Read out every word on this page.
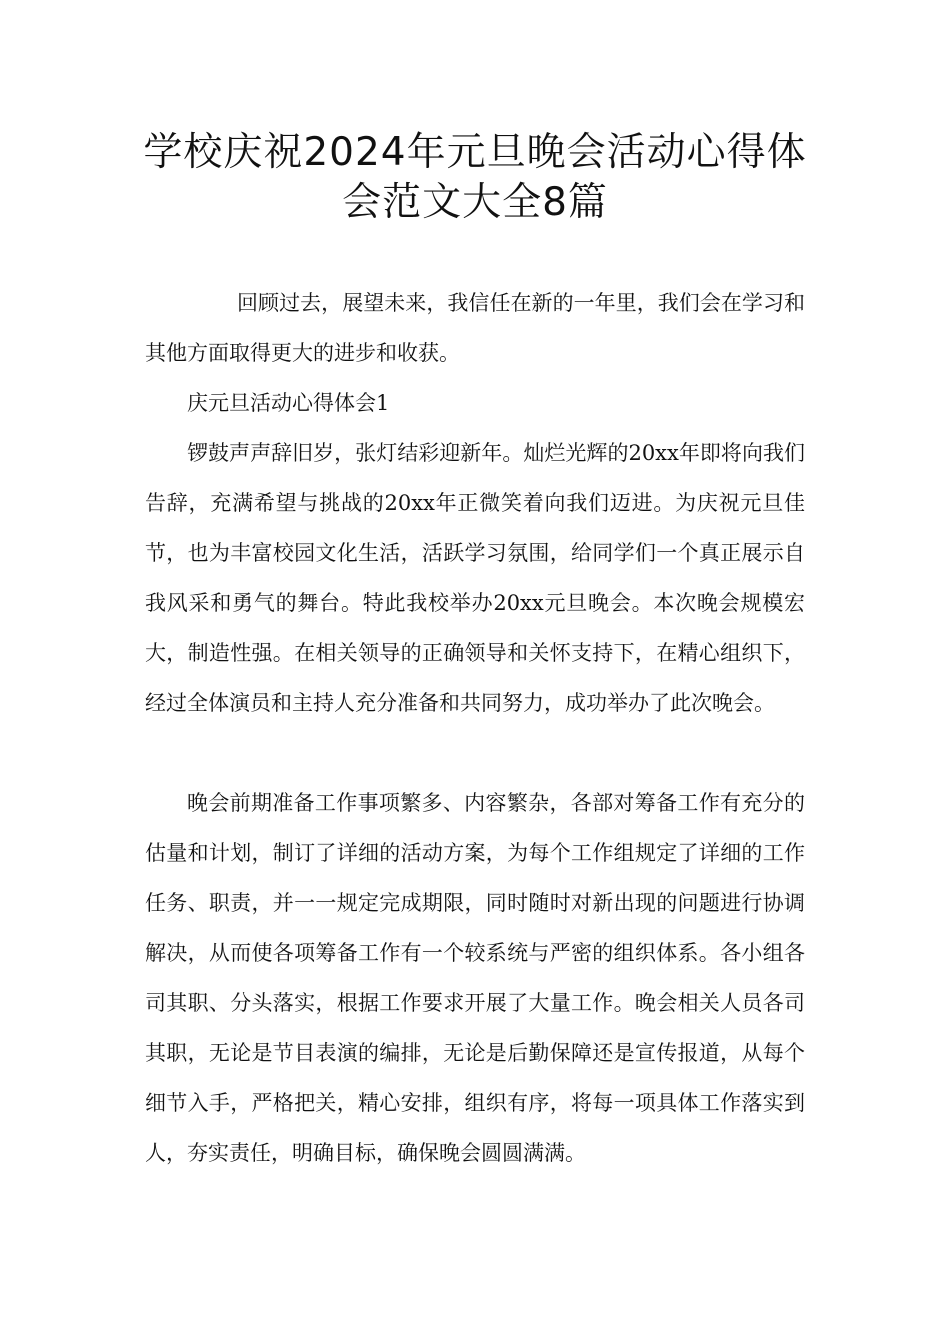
学校庆祝2024年元旦晚会活动心得体
会范文大全8篇

回顾过去，展望未来，我信任在新的一年里，我们会在学习和其他方面取得更大的进步和收获。

庆元旦活动心得体会1

锣鼓声声辞旧岁，张灯结彩迎新年。灿烂光辉的20xx年即将向我们告辞，充满希望与挑战的20xx年正微笑着向我们迈进。为庆祝元旦佳节，也为丰富校园文化生活，活跃学习氛围，给同学们一个真正展示自我风采和勇气的舞台。特此我校举办20xx元旦晚会。本次晚会规模宏大，制造性强。在相关领导的正确领导和关怀支持下，在精心组织下，经过全体演员和主持人充分准备和共同努力，成功举办了此次晚会。

晚会前期准备工作事项繁多、内容繁杂，各部对筹备工作有充分的估量和计划，制订了详细的活动方案，为每个工作组规定了详细的工作任务、职责，并一一规定完成期限，同时随时对新出现的问题进行协调解决，从而使各项筹备工作有一个较系统与严密的组织体系。各小组各司其职、分头落实，根据工作要求开展了大量工作。晚会相关人员各司其职，无论是节目表演的编排，无论是后勤保障还是宣传报道，从每个细节入手，严格把关，精心安排，组织有序，将每一项具体工作落实到人，夯实责任，明确目标，确保晚会圆圆满满。
